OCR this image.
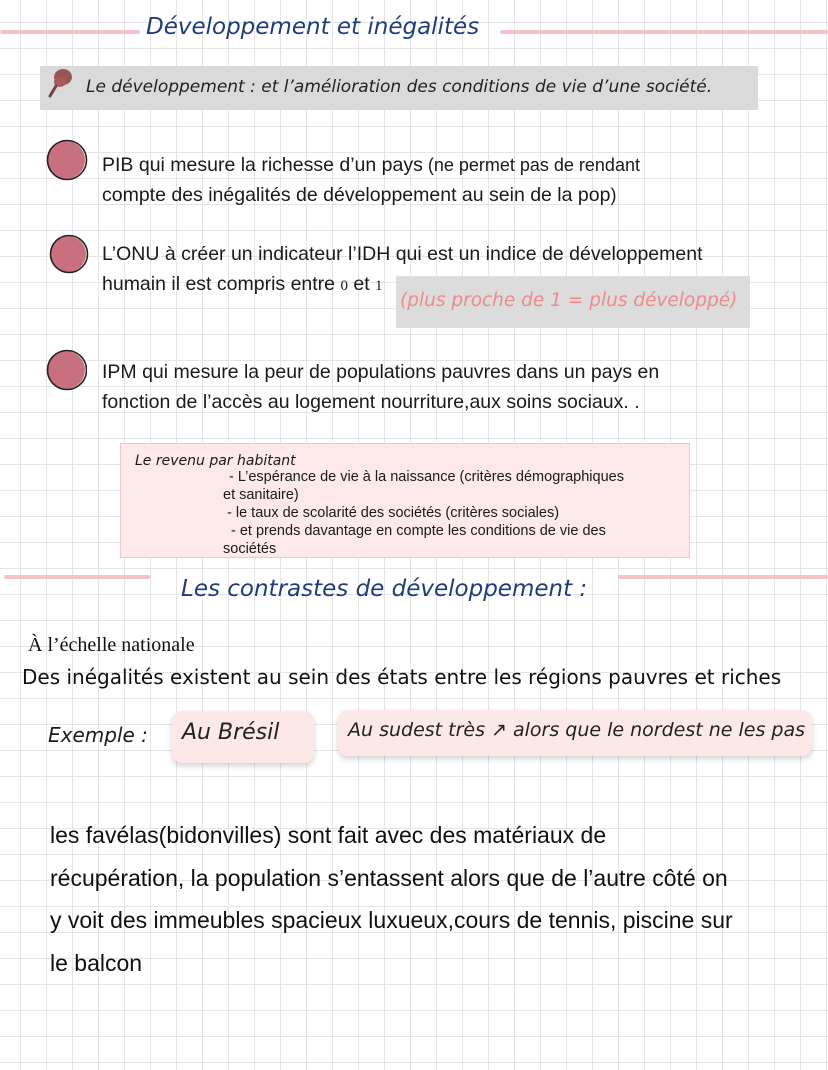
Développement et inégalités
Le développement : et l’amélioration des conditions de vie d’une société.
PIB qui mesure la richesse d’un pays (ne permet pas de rendant
compte des inégalités de développement au sein de la pop)
L’ONU à créer un indicateur l’IDH qui est un indice de développement
humain il est compris entre 0 et 1
(plus proche de 1 = plus développé)
IPM qui mesure la peur de populations pauvres dans un pays en
fonction de l’accès au logement nourriture,aux soins sociaux. .
Le revenu par habitant
- L’espérance de vie à la naissance (critères démographiques
et sanitaire)
- le taux de scolarité des sociétés (critères sociales)
- et prends davantage en compte les conditions de vie des
sociétés
Les contrastes de développement :
À l’échelle nationale
Des inégalités existent au sein des états entre les régions pauvres et riches
Exemple :	Au Brésil	Au sudest très ↗ alors que le nordest ne les pas
les favélas(bidonvilles) sont fait avec des matériaux de
récupération, la population s’entassent alors que de l’autre côté on
y voit des immeubles spacieux luxueux,cours de tennis, piscine sur
le balcon
